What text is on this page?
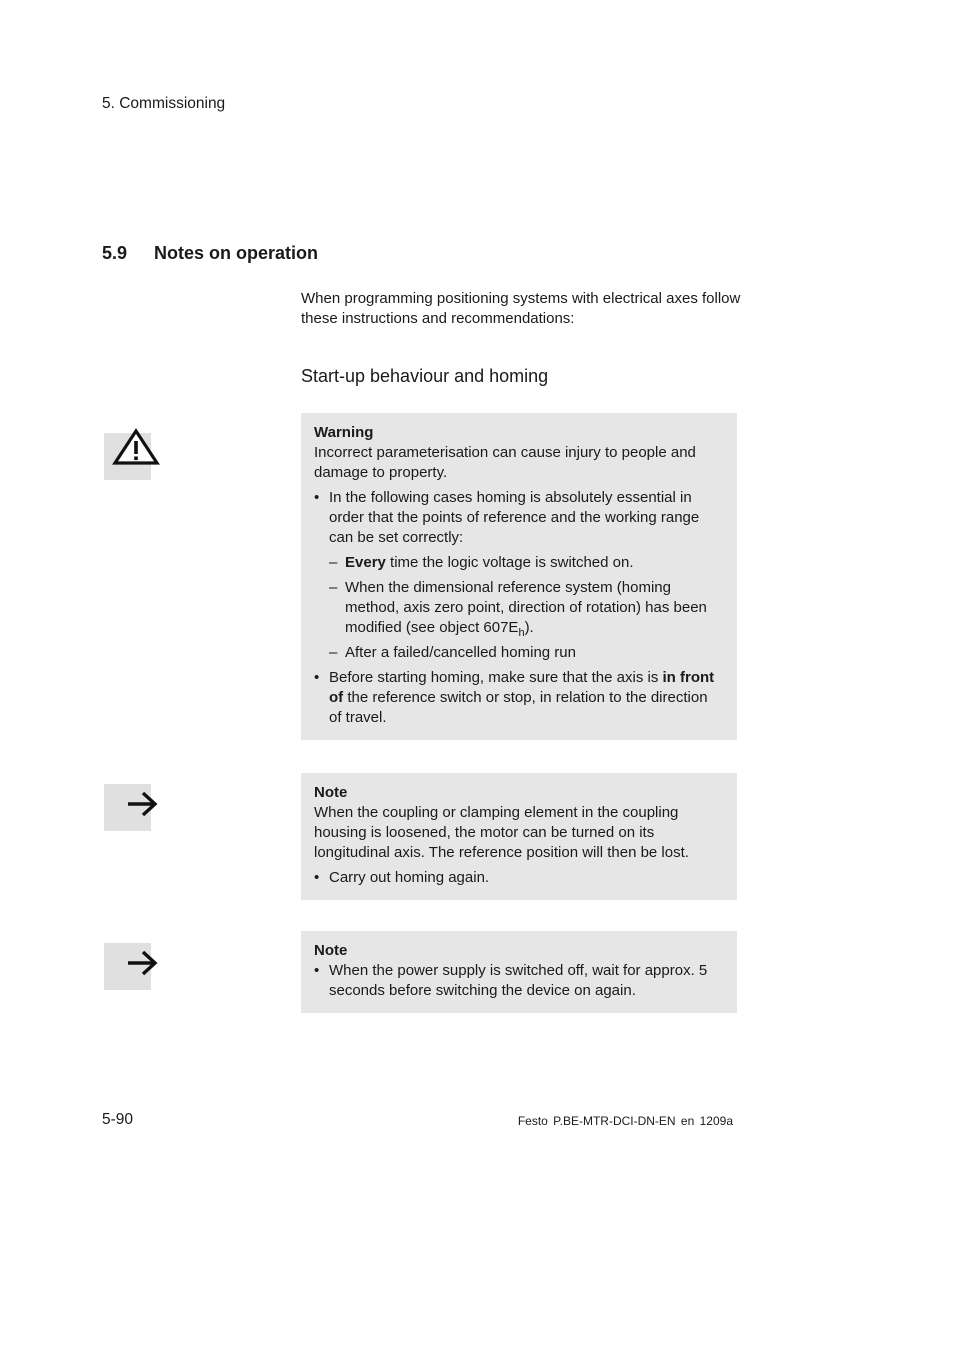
5. Commissioning
5.9 Notes on operation
When programming positioning systems with electrical axes follow these instructions and recommendations:
Start-up behaviour and homing

Warning

Incorrect parameterisation can cause injury to people and damage to property.

• In the following cases homing is absolutely essential in order that the points of reference and the working range can be set correctly:
– Every time the logic voltage is switched on.
– When the dimensional reference system (homing method, axis zero point, direction of rotation) has been modified (see object $607E_h$).
– After a failed/cancelled homing run
• Before starting homing, make sure that the axis is in front of the reference switch or stop, in relation to the direction of travel.

Note

When the coupling or clamping element in the coupling housing is loosened, the motor can be turned on its longitudinal axis. The reference position will then be lost.

• Carry out homing again.

Note

• When the power supply is switched off, wait for approx. 5 seconds before switching the device on again.
5-90	Festo P.BE-MTR-DCI-DN-EN en 1209a
